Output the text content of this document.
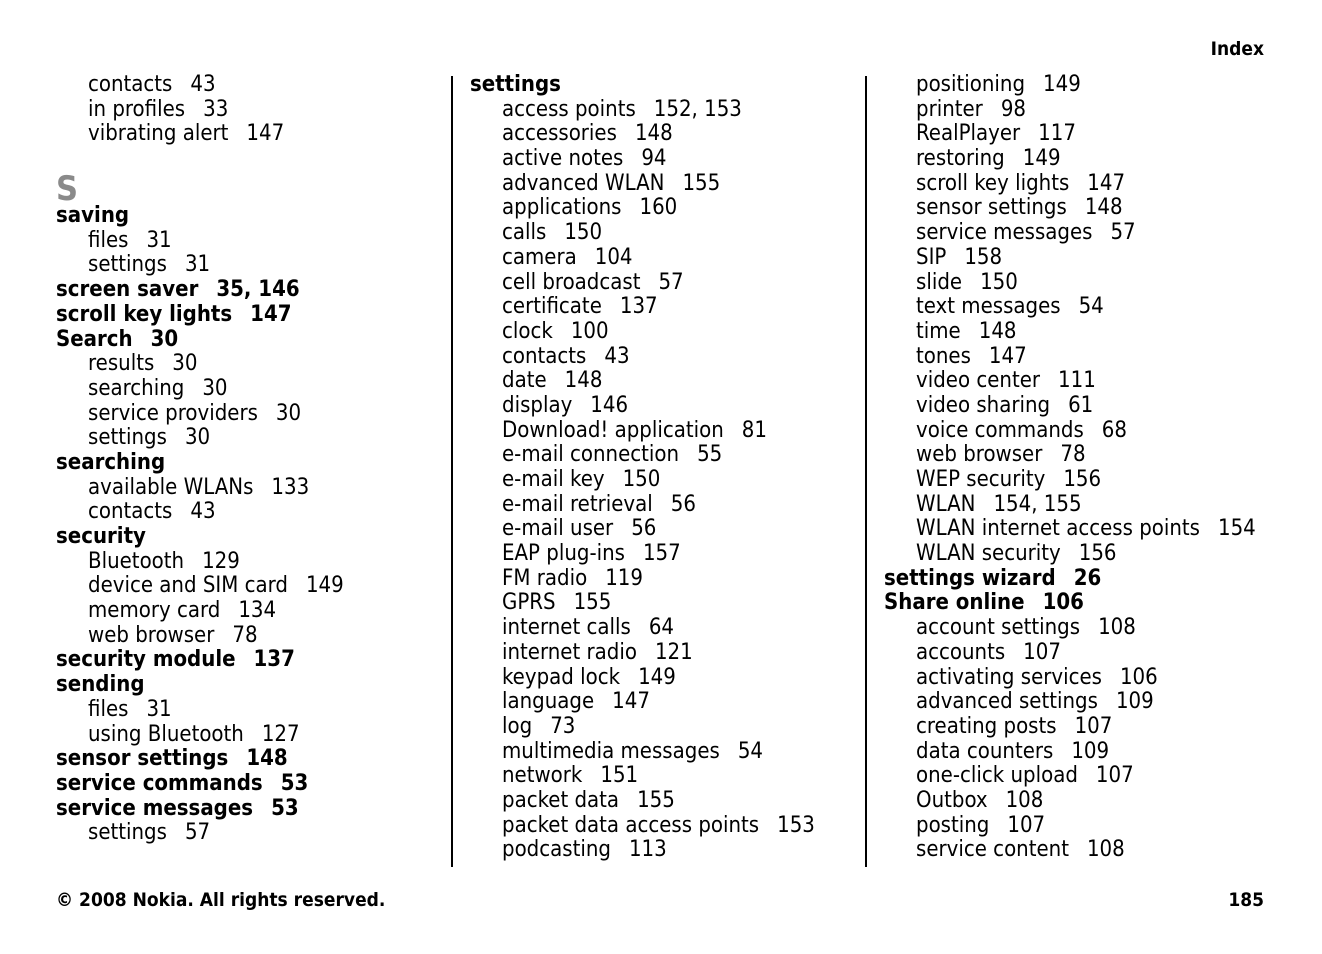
Index
contacts 43
in profiles 33
vibrating alert 147
S
saving
files 31
settings 31
screen saver 35, 146
scroll key lights 147
Search 30
results 30
searching 30
service providers 30
settings 30
searching
available WLANs 133
contacts 43
security
Bluetooth 129
device and SIM card 149
memory card 134
web browser 78
security module 137
sending
files 31
using Bluetooth 127
sensor settings 148
service commands 53
service messages 53
settings 57
settings
access points 152, 153
accessories 148
active notes 94
advanced WLAN 155
applications 160
calls 150
camera 104
cell broadcast 57
certificate 137
clock 100
contacts 43
date 148
display 146
Download! application 81
e-mail connection 55
e-mail key 150
e-mail retrieval 56
e-mail user 56
EAP plug-ins 157
FM radio 119
GPRS 155
internet calls 64
internet radio 121
keypad lock 149
language 147
log 73
multimedia messages 54
network 151
packet data 155
packet data access points 153
podcasting 113
positioning 149
printer 98
RealPlayer 117
restoring 149
scroll key lights 147
sensor settings 148
service messages 57
SIP 158
slide 150
text messages 54
time 148
tones 147
video center 111
video sharing 61
voice commands 68
web browser 78
WEP security 156
WLAN 154, 155
WLAN internet access points 154
WLAN security 156
settings wizard 26
Share online 106
account settings 108
accounts 107
activating services 106
advanced settings 109
creating posts 107
data counters 109
one-click upload 107
Outbox 108
posting 107
service content 108
© 2008 Nokia. All rights reserved.	185
